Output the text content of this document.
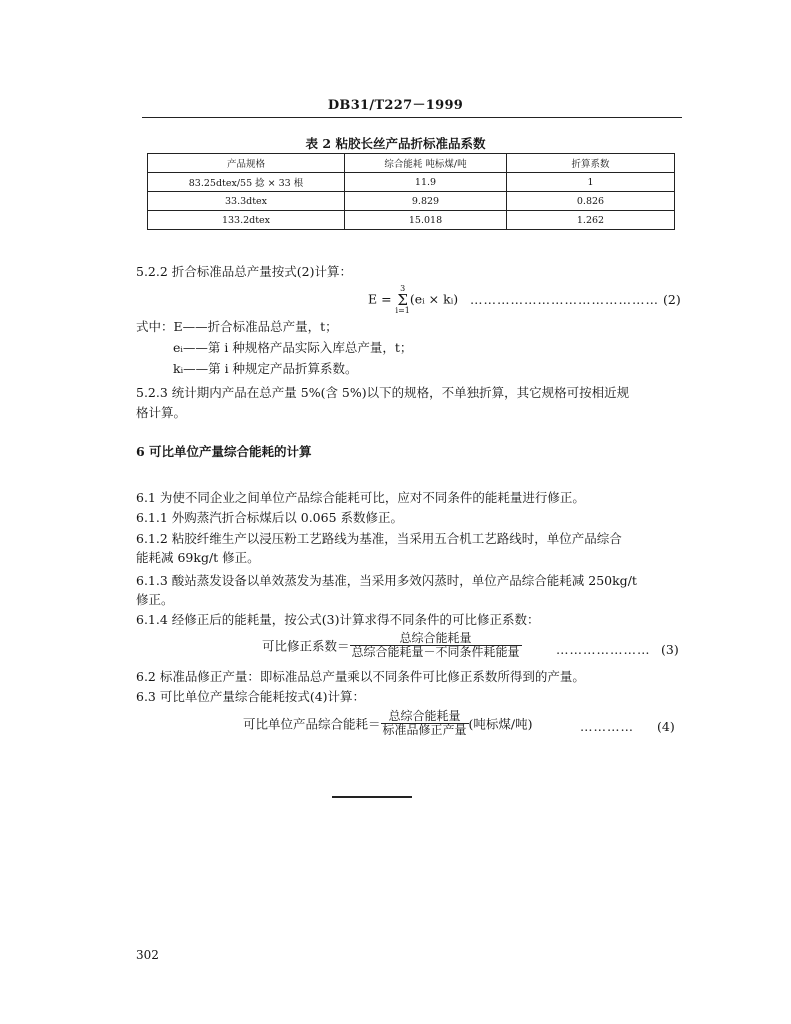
DB31/T227－1999
表 2 粘胶长丝产品折标准品系数
产品规格	综合能耗 吨标煤/吨	折算系数
83.25dtex/55 捻 × 33 根	11.9	1
33.3dtex	9.829	0.826
133.2dtex	15.018	1.262
5.2.2 折合标准品总产量按式(2)计算：
E = 3
Σ
i=1(eᵢ × kᵢ) …………………………………… (2)
式中：E——折合标准品总产量，t；
eᵢ——第 i 种规格产品实际入库总产量，t；
kᵢ——第 i 种规定产品折算系数。
5.2.3 统计期内产品在总产量 5%(含 5%)以下的规格，不单独折算，其它规格可按相近规
格计算。
6 可比单位产量综合能耗的计算
6.1 为使不同企业之间单位产品综合能耗可比，应对不同条件的能耗量进行修正。
6.1.1 外购蒸汽折合标煤后以 0.065 系数修正。
6.1.2 粘胶纤维生产以浸压粉工艺路线为基准，当采用五合机工艺路线时，单位产品综合
能耗减 69kg/t 修正。
6.1.3 酸站蒸发设备以单效蒸发为基准，当采用多效闪蒸时，单位产品综合能耗减 250kg/t
修正。
6.1.4 经修正后的能耗量，按公式(3)计算求得不同条件的可比修正系数：
可比修正系数＝ $\frac{\text{总综合能耗量}}{\text{总综合能耗量－不同条件耗能量}}$	………………… (3)
6.2 标准品修正产量：即标准品总产量乘以不同条件可比修正系数所得到的产量。
6.3 可比单位产量综合能耗按式(4)计算：
可比单位产品综合能耗＝ $\frac{\text{总综合能耗量}}{\text{标准品修正产量}}$ (吨标煤/吨)	………… (4)
302
